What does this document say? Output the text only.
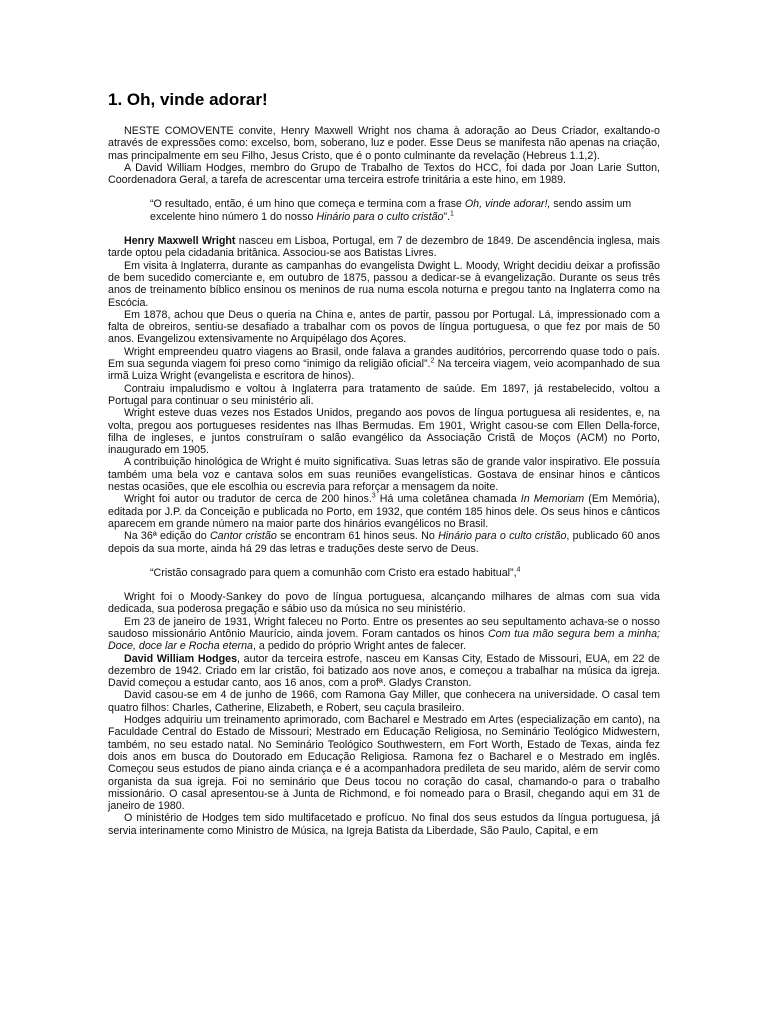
1. Oh, vinde adorar!

NESTE COMOVENTE convite, Henry Maxwell Wright nos chama à adoração ao Deus Criador, exaltando-o através de expressões como: excelso, bom, soberano, luz e poder. Esse Deus se manifesta não apenas na criação, mas principalmente em seu Filho, Jesus Cristo, que é o ponto culminante da revelação (Hebreus 1.1,2).

A David William Hodges, membro do Grupo de Trabalho de Textos do HCC, foi dada por Joan Larie Sutton, Coordenadora Geral, a tarefa de acrescentar uma terceira estrofe trinitária a este hino, em 1989.

“O resultado, então, é um hino que começa e termina com a frase Oh, vinde adorar!, sendo assim um excelente hino número 1 do nosso Hinário para o culto cristão”.$^1$

Henry Maxwell Wright nasceu em Lisboa, Portugal, em 7 de dezembro de 1849. De ascendência inglesa, mais tarde optou pela cidadania britânica. Associou-se aos Batistas Livres.

Em visita à Inglaterra, durante as campanhas do evangelista Dwight L. Moody, Wright decidiu deixar a profissão de bem sucedido comerciante e, em outubro de 1875, passou a dedicar-se à evangelização. Durante os seus três anos de treinamento bíblico ensinou os meninos de rua numa escola noturna e pregou tanto na Inglaterra como na Escócia.

Em 1878, achou que Deus o queria na China e, antes de partir, passou por Portugal. Lá, impressionado com a falta de obreiros, sentiu-se desafiado a trabalhar com os povos de língua portuguesa, o que fez por mais de 50 anos. Evangelizou extensivamente no Arquipélago dos Açores.

Wright empreendeu quatro viagens ao Brasil, onde falava a grandes auditórios, percorrendo quase todo o país. Em sua segunda viagem foi preso como “inimigo da religião oficial”.$^2$ Na terceira viagem, veio acompanhado de sua irmã Luiza Wright (evangelista e escritora de hinos).

Contraiu impaludismo e voltou à Inglaterra para tratamento de saúde. Em 1897, já restabelecido, voltou a Portugal para continuar o seu ministério ali.

Wright esteve duas vezes nos Estados Unidos, pregando aos povos de língua portuguesa ali residentes, e, na volta, pregou aos portugueses residentes nas Ilhas Bermudas. Em 1901, Wright casou-se com Ellen Della-force, filha de ingleses, e juntos construíram o salão evangélico da Associação Cristã de Moços (ACM) no Porto, inaugurado em 1905.

A contribuição hinológica de Wright é muito significativa. Suas letras são de grande valor inspirativo. Ele possuía também uma bela voz e cantava solos em suas reuniões evangelísticas. Gostava de ensinar hinos e cânticos nestas ocasiões, que ele escolhia ou escrevia para reforçar a mensagem da noite.

Wright foi autor ou tradutor de cerca de 200 hinos.$^3$ Há uma coletânea chamada In Memoriam (Em Memória), editada por J.P. da Conceição e publicada no Porto, em 1932, que contém 185 hinos dele. Os seus hinos e cânticos aparecem em grande número na maior parte dos hinários evangélicos no Brasil.

Na 36ª edição do Cantor cristão se encontram 61 hinos seus. No Hinário para o culto cristão, publicado 60 anos depois da sua morte, ainda há 29 das letras e traduções deste servo de Deus.

“Cristão consagrado para quem a comunhão com Cristo era estado habitual”,$^4$

Wright foi o Moody-Sankey do povo de língua portuguesa, alcançando milhares de almas com sua vida dedicada, sua poderosa pregação e sábio uso da música no seu ministério.

Em 23 de janeiro de 1931, Wright faleceu no Porto. Entre os presentes ao seu sepultamento achava-se o nosso saudoso missionário Antônio Maurício, ainda jovem. Foram cantados os hinos Com tua mão segura bem a minha; Doce, doce lar e Rocha eterna, a pedido do próprio Wright antes de falecer.

David William Hodges, autor da terceira estrofe, nasceu em Kansas City, Estado de Missouri, EUA, em 22 de dezembro de 1942. Criado em lar cristão, foi batizado aos nove anos, e começou a trabalhar na música da igreja. David começou a estudar canto, aos 16 anos, com a profª. Gladys Cranston.

David casou-se em 4 de junho de 1966, com Ramona Gay Miller, que conhecera na universidade. O casal tem quatro filhos: Charles, Catherine, Elizabeth, e Robert, seu caçula brasileiro.

Hodges adquiriu um treinamento aprimorado, com Bacharel e Mestrado em Artes (especialização em canto), na Faculdade Central do Estado de Missouri; Mestrado em Educação Religiosa, no Seminário Teológico Midwestern, também, no seu estado natal. No Seminário Teológico Southwestern, em Fort Worth, Estado de Texas, ainda fez dois anos em busca do Doutorado em Educação Religiosa. Ramona fez o Bacharel e o Mestrado em inglês. Começou seus estudos de piano ainda criança e é a acompanhadora predileta de seu marido, além de servir como organista da sua igreja. Foi no seminário que Deus tocou no coração do casal, chamando-o para o trabalho missionário. O casal apresentou-se à Junta de Richmond, e foi nomeado para o Brasil, chegando aqui em 31 de janeiro de 1980.

O ministério de Hodges tem sido multifacetado e profícuo. No final dos seus estudos da língua portuguesa, já servia interinamente como Ministro de Música, na Igreja Batista da Liberdade, São Paulo, Capital, e em
